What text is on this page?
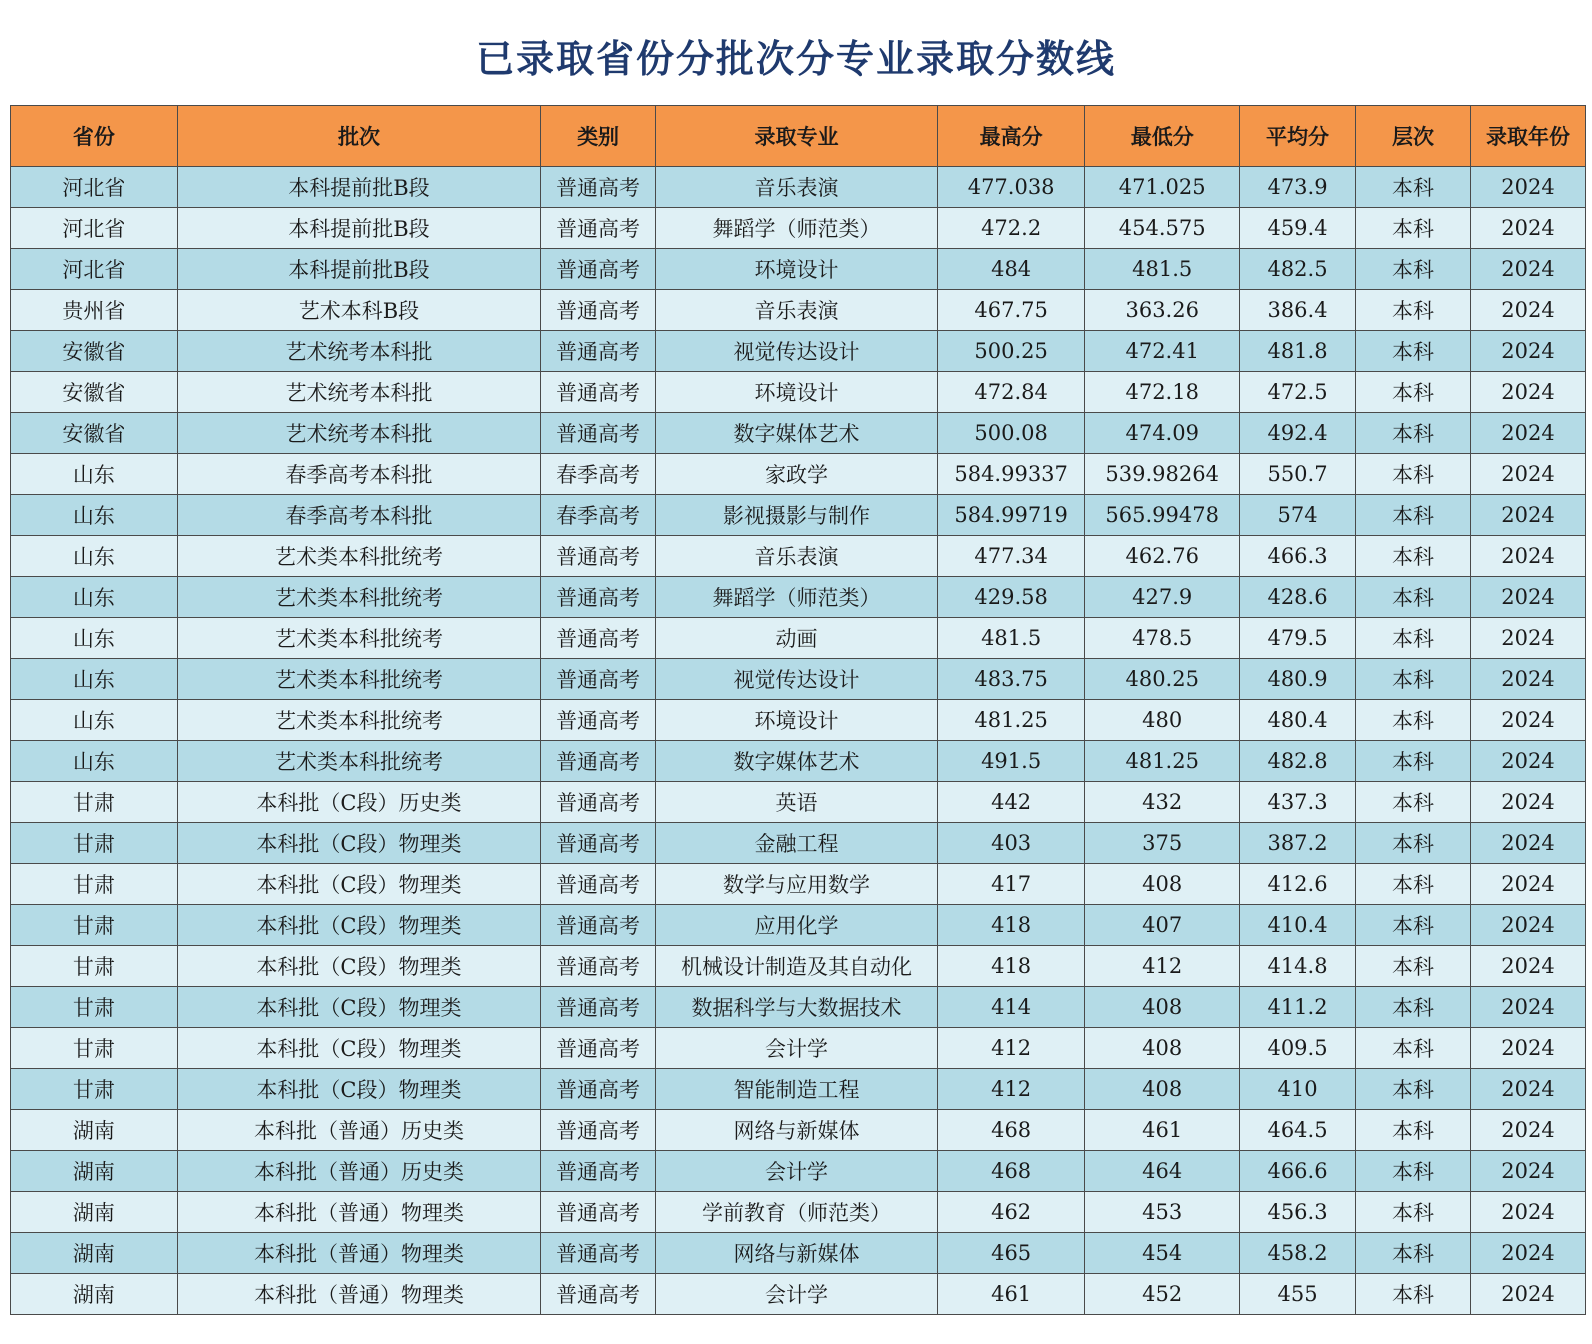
已录取省份分批次分专业录取分数线
省份	批次	类别	录取专业	最高分	最低分	平均分	层次	录取年份
河北省	本科提前批B段	普通高考	音乐表演	477.038	471.025	473.9	本科	2024
河北省	本科提前批B段	普通高考	舞蹈学（师范类）	472.2	454.575	459.4	本科	2024
河北省	本科提前批B段	普通高考	环境设计	484	481.5	482.5	本科	2024
贵州省	艺术本科B段	普通高考	音乐表演	467.75	363.26	386.4	本科	2024
安徽省	艺术统考本科批	普通高考	视觉传达设计	500.25	472.41	481.8	本科	2024
安徽省	艺术统考本科批	普通高考	环境设计	472.84	472.18	472.5	本科	2024
安徽省	艺术统考本科批	普通高考	数字媒体艺术	500.08	474.09	492.4	本科	2024
山东	春季高考本科批	春季高考	家政学	584.99337	539.98264	550.7	本科	2024
山东	春季高考本科批	春季高考	影视摄影与制作	584.99719	565.99478	574	本科	2024
山东	艺术类本科批统考	普通高考	音乐表演	477.34	462.76	466.3	本科	2024
山东	艺术类本科批统考	普通高考	舞蹈学（师范类）	429.58	427.9	428.6	本科	2024
山东	艺术类本科批统考	普通高考	动画	481.5	478.5	479.5	本科	2024
山东	艺术类本科批统考	普通高考	视觉传达设计	483.75	480.25	480.9	本科	2024
山东	艺术类本科批统考	普通高考	环境设计	481.25	480	480.4	本科	2024
山东	艺术类本科批统考	普通高考	数字媒体艺术	491.5	481.25	482.8	本科	2024
甘肃	本科批（C段）历史类	普通高考	英语	442	432	437.3	本科	2024
甘肃	本科批（C段）物理类	普通高考	金融工程	403	375	387.2	本科	2024
甘肃	本科批（C段）物理类	普通高考	数学与应用数学	417	408	412.6	本科	2024
甘肃	本科批（C段）物理类	普通高考	应用化学	418	407	410.4	本科	2024
甘肃	本科批（C段）物理类	普通高考	机械设计制造及其自动化	418	412	414.8	本科	2024
甘肃	本科批（C段）物理类	普通高考	数据科学与大数据技术	414	408	411.2	本科	2024
甘肃	本科批（C段）物理类	普通高考	会计学	412	408	409.5	本科	2024
甘肃	本科批（C段）物理类	普通高考	智能制造工程	412	408	410	本科	2024
湖南	本科批（普通）历史类	普通高考	网络与新媒体	468	461	464.5	本科	2024
湖南	本科批（普通）历史类	普通高考	会计学	468	464	466.6	本科	2024
湖南	本科批（普通）物理类	普通高考	学前教育（师范类）	462	453	456.3	本科	2024
湖南	本科批（普通）物理类	普通高考	网络与新媒体	465	454	458.2	本科	2024
湖南	本科批（普通）物理类	普通高考	会计学	461	452	455	本科	2024
